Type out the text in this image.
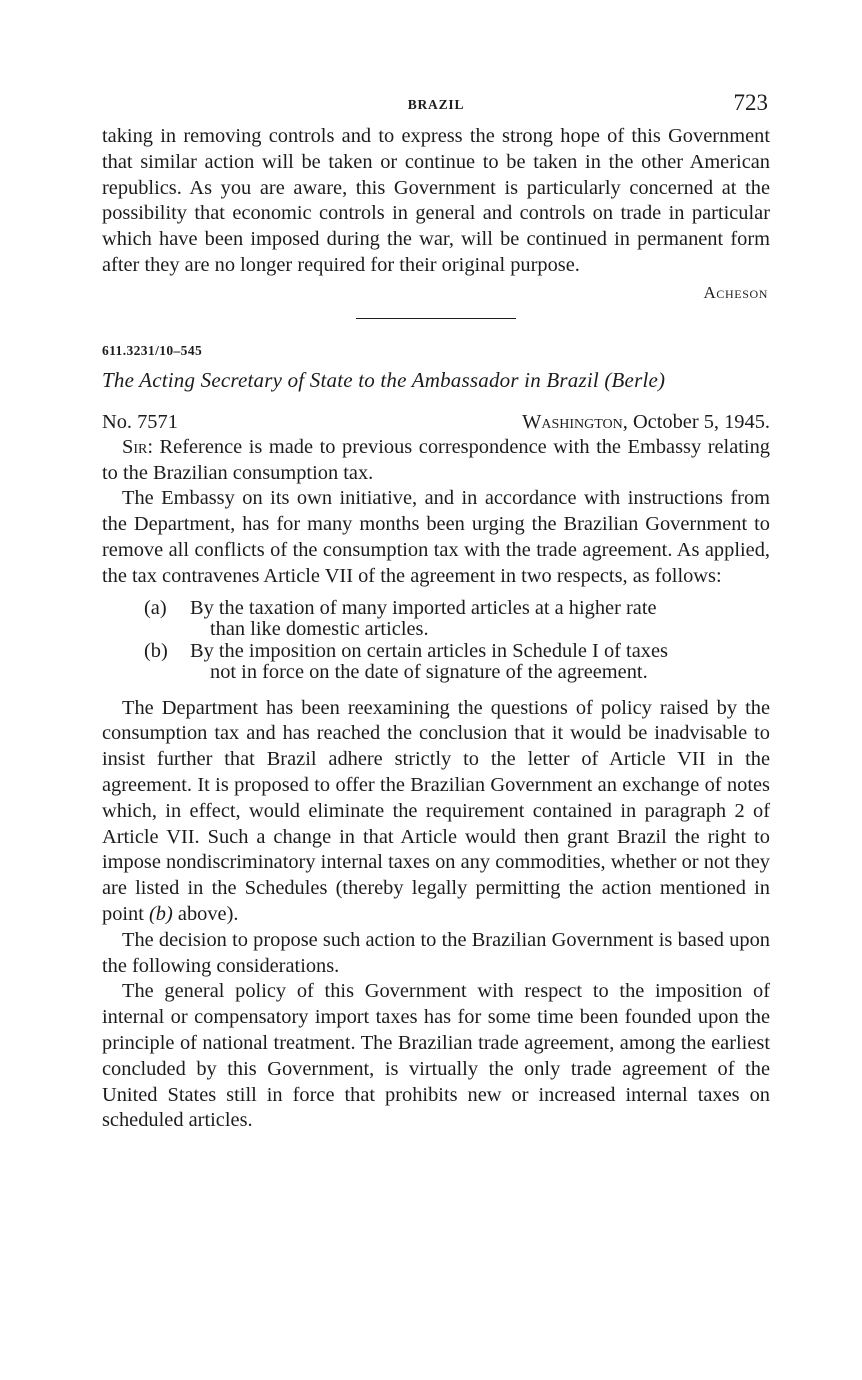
BRAZIL	723

taking in removing controls and to express the strong hope of this Government that similar action will be taken or continue to be taken in the other American republics. As you are aware, this Government is particularly concerned at the possibility that economic controls in general and controls on trade in particular which have been imposed during the war, will be continued in permanent form after they are no longer required for their original purpose.

Acheson
611.3231/10–545
The Acting Secretary of State to the Ambassador in Brazil (Berle)
No. 7571	Washington, October 5, 1945.

Sir: Reference is made to previous correspondence with the Embassy relating to the Brazilian consumption tax.

The Embassy on its own initiative, and in accordance with instructions from the Department, has for many months been urging the Brazilian Government to remove all conflicts of the consumption tax with the trade agreement. As applied, the tax contravenes Article VII of the agreement in two respects, as follows:

(a)	By the taxation of many imported articles at a higher rate
than like domestic articles.
(b)	By the imposition on certain articles in Schedule I of taxes
not in force on the date of signature of the agreement.

The Department has been reexamining the questions of policy raised by the consumption tax and has reached the conclusion that it would be inadvisable to insist further that Brazil adhere strictly to the letter of Article VII in the agreement. It is proposed to offer the Brazilian Government an exchange of notes which, in effect, would eliminate the requirement contained in paragraph 2 of Article VII. Such a change in that Article would then grant Brazil the right to impose nondiscriminatory internal taxes on any commodities, whether or not they are listed in the Schedules (thereby legally permitting the action mentioned in point (b) above).

The decision to propose such action to the Brazilian Government is based upon the following considerations.

The general policy of this Government with respect to the imposition of internal or compensatory import taxes has for some time been founded upon the principle of national treatment. The Brazilian trade agreement, among the earliest concluded by this Government, is virtually the only trade agreement of the United States still in force that prohibits new or increased internal taxes on scheduled articles.
